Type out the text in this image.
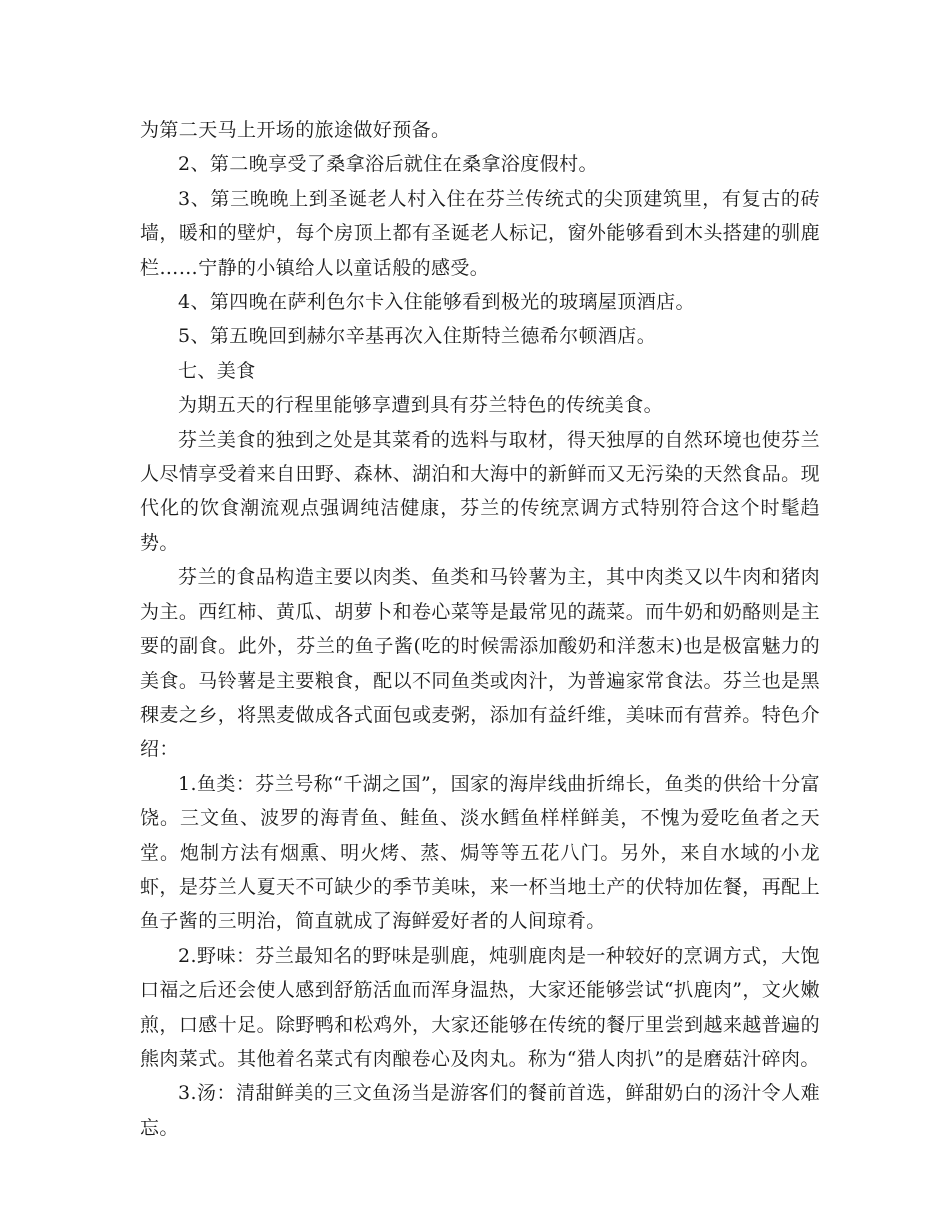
为第二天马上开场的旅途做好预备。

2、第二晚享受了桑拿浴后就住在桑拿浴度假村。

3、第三晚晚上到圣诞老人村入住在芬兰传统式的尖顶建筑里，有复古的砖墙，暖和的壁炉，每个房顶上都有圣诞老人标记，窗外能够看到木头搭建的驯鹿栏……宁静的小镇给人以童话般的感受。

4、第四晚在萨利色尔卡入住能够看到极光的玻璃屋顶酒店。

5、第五晚回到赫尔辛基再次入住斯特兰德希尔顿酒店。

七、美食

为期五天的行程里能够享遭到具有芬兰特色的传统美食。

芬兰美食的独到之处是其菜肴的选料与取材，得天独厚的自然环境也使芬兰人尽情享受着来自田野、森林、湖泊和大海中的新鲜而又无污染的天然食品。现代化的饮食潮流观点强调纯洁健康，芬兰的传统烹调方式特别符合这个时髦趋势。

芬兰的食品构造主要以肉类、鱼类和马铃薯为主，其中肉类又以牛肉和猪肉为主。西红柿、黄瓜、胡萝卜和卷心菜等是最常见的蔬菜。而牛奶和奶酪则是主要的副食。此外，芬兰的鱼子酱(吃的时候需添加酸奶和洋葱末)也是极富魅力的美食。马铃薯是主要粮食，配以不同鱼类或肉汁，为普遍家常食法。芬兰也是黑稞麦之乡，将黑麦做成各式面包或麦粥，添加有益纤维，美味而有营养。特色介绍：

1.鱼类：芬兰号称“千湖之国”，国家的海岸线曲折绵长，鱼类的供给十分富饶。三文鱼、波罗的海青鱼、鲑鱼、淡水鳕鱼样样鲜美，不愧为爱吃鱼者之天堂。炮制方法有烟熏、明火烤、蒸、焗等等五花八门。另外，来自水域的小龙虾，是芬兰人夏天不可缺少的季节美味，来一杯当地土产的伏特加佐餐，再配上鱼子酱的三明治，简直就成了海鲜爱好者的人间琼肴。

2.野味：芬兰最知名的野味是驯鹿，炖驯鹿肉是一种较好的烹调方式，大饱口福之后还会使人感到舒筋活血而浑身温热，大家还能够尝试“扒鹿肉”，文火嫩煎，口感十足。除野鸭和松鸡外，大家还能够在传统的餐厅里尝到越来越普遍的熊肉菜式。其他着名菜式有肉酿卷心及肉丸。称为“猎人肉扒”的是磨菇汁碎肉。

3.汤：清甜鲜美的三文鱼汤当是游客们的餐前首选，鲜甜奶白的汤汁令人难忘。
